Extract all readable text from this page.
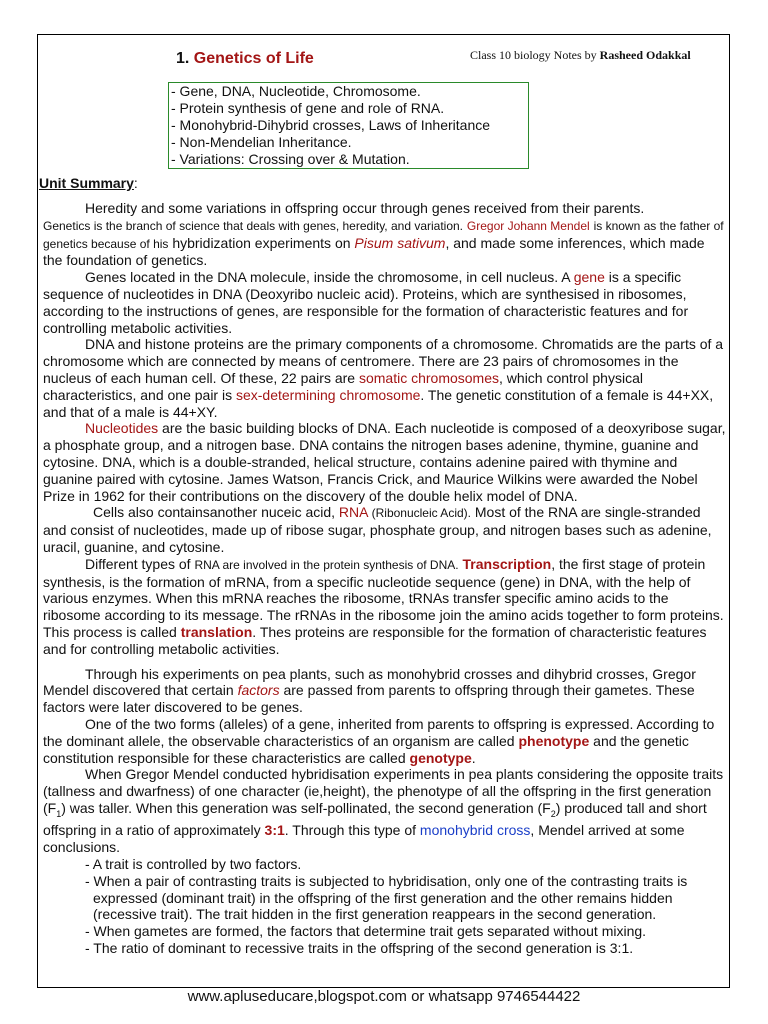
1. Genetics of Life	Class 10 biology Notes by Rasheed Odakkal
- Gene, DNA, Nucleotide, Chromosome.
- Protein synthesis of gene and role of RNA.
- Monohybrid-Dihybrid crosses, Laws of Inheritance
- Non-Mendelian Inheritance.
- Variations: Crossing over & Mutation.
Unit Summary:

Heredity and some variations in offspring occur through genes received from their parents.
Genetics is the branch of science that deals with genes, heredity, and variation. Gregor Johann Mendel is known as the father of genetics because of his hybridization experiments on Pisum sativum, and made some inferences, which made the foundation of genetics.

Genes located in the DNA molecule, inside the chromosome, in cell nucleus. A gene is a specific sequence of nucleotides in DNA (Deoxyribo nucleic acid). Proteins, which are synthesised in ribosomes, according to the instructions of genes, are responsible for the formation of characteristic features and for controlling metabolic activities.

DNA and histone proteins are the primary components of a chromosome. Chromatids are the parts of a chromosome which are connected by means of centromere. There are 23 pairs of chromosomes in the nucleus of each human cell. Of these, 22 pairs are somatic chromosomes, which control physical characteristics, and one pair is sex-determining chromosome. The genetic constitution of a female is 44+XX, and that of a male is 44+XY.

Nucleotides are the basic building blocks of DNA. Each nucleotide is composed of a deoxyribose sugar, a phosphate group, and a nitrogen base. DNA contains the nitrogen bases adenine, thymine, guanine and cytosine. DNA, which is a double-stranded, helical structure, contains adenine paired with thymine and guanine paired with cytosine. James Watson, Francis Crick, and Maurice Wilkins were awarded the Nobel Prize in 1962 for their contributions on the discovery of the double helix model of DNA.

Cells also containsanother nuceic acid, RNA (Ribonucleic Acid). Most of the RNA are single-stranded and consist of nucleotides, made up of ribose sugar, phosphate group, and nitrogen bases such as adenine, uracil, guanine, and cytosine.

Different types of RNA are involved in the protein synthesis of DNA. Transcription, the first stage of protein synthesis, is the formation of mRNA, from a specific nucleotide sequence (gene) in DNA, with the help of various enzymes. When this mRNA reaches the ribosome, tRNAs transfer specific amino acids to the ribosome according to its message. The rRNAs in the ribosome join the amino acids together to form proteins. This process is called translation. Thes proteins are responsible for the formation of characteristic features and for controlling metabolic activities.

Through his experiments on pea plants, such as monohybrid crosses and dihybrid crosses, Gregor Mendel discovered that certain factors are passed from parents to offspring through their gametes. These factors were later discovered to be genes.

One of the two forms (alleles) of a gene, inherited from parents to offspring is expressed. According to the dominant allele, the observable characteristics of an organism are called phenotype and the genetic constitution responsible for these characteristics are called genotype.

When Gregor Mendel conducted hybridisation experiments in pea plants considering the opposite traits (tallness and dwarfness) of one character (ie,height), the phenotype of all the offspring in the first generation $(F_1)$ was taller. When this generation was self-pollinated, the second generation $(F_2)$ produced tall and short offspring in a ratio of approximately 3:1. Through this type of monohybrid cross, Mendel arrived at some conclusions.

- A trait is controlled by two factors.
- When a pair of contrasting traits is subjected to hybridisation, only one of the contrasting traits is expressed (dominant trait) in the offspring of the first generation and the other remains hidden (recessive trait). The trait hidden in the first generation reappears in the second generation.
- When gametes are formed, the factors that determine trait gets separated without mixing.
- The ratio of dominant to recessive traits in the offspring of the second generation is 3:1.
www.apluseducare,blogspot.com or whatsapp 9746544422
